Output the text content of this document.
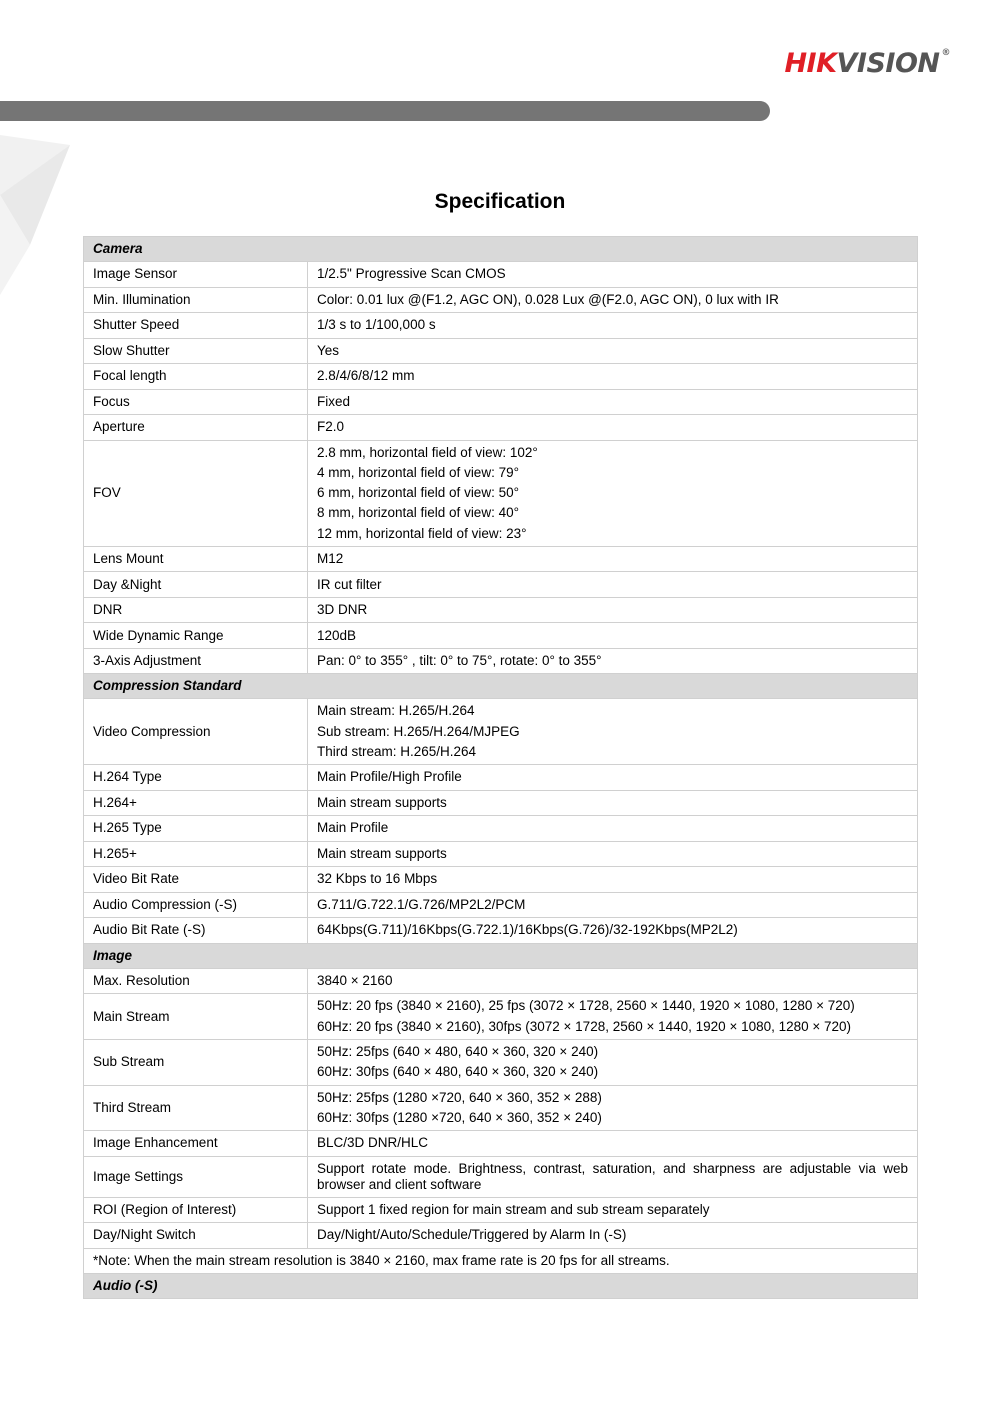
HIKVISION ®
Specification
Camera	
Image Sensor	1/2.5" Progressive Scan CMOS
Min. Illumination	Color: 0.01 lux @(F1.2, AGC ON), 0.028 Lux @(F2.0, AGC ON), 0 lux with IR
Shutter Speed	1/3 s to 1/100,000 s
Slow Shutter	Yes
Focal length	2.8/4/6/8/12 mm
Focus	Fixed
Aperture	F2.0
FOV	2.8 mm, horizontal field of view: 102°
4 mm, horizontal field of view: 79°
6 mm, horizontal field of view: 50°
8 mm, horizontal field of view: 40°
12 mm, horizontal field of view: 23°

Lens Mount	M12
Day &Night	IR cut filter
DNR	3D DNR
Wide Dynamic Range	120dB
3-Axis Adjustment	Pan: 0° to 355° , tilt: 0° to 75°, rotate: 0° to 355°
Compression Standard	
Video Compression	Main stream: H.265/H.264
Sub stream: H.265/H.264/MJPEG
Third stream: H.265/H.264

H.264 Type	Main Profile/High Profile
H.264+	Main stream supports
H.265 Type	Main Profile
H.265+	Main stream supports
Video Bit Rate	32 Kbps to 16 Mbps
Audio Compression (-S)	G.711/G.722.1/G.726/MP2L2/PCM
Audio Bit Rate (-S)	64Kbps(G.711)/16Kbps(G.722.1)/16Kbps(G.726)/32-192Kbps(MP2L2)
Image	
Max. Resolution	3840 × 2160
Main Stream	50Hz: 20 fps (3840 × 2160), 25 fps (3072 × 1728, 2560 × 1440, 1920 × 1080, 1280 × 720)
60Hz: 20 fps (3840 × 2160), 30fps (3072 × 1728, 2560 × 1440, 1920 × 1080, 1280 × 720)

Sub Stream	50Hz: 25fps (640 × 480, 640 × 360, 320 × 240)
60Hz: 30fps (640 × 480, 640 × 360, 320 × 240)

Third Stream	50Hz: 25fps (1280 ×720, 640 × 360, 352 × 288)
60Hz: 30fps (1280 ×720, 640 × 360, 352 × 240)

Image Enhancement	BLC/3D DNR/HLC
Image Settings	Support rotate mode. Brightness, contrast, saturation, and sharpness are adjustable via web browser and client software
ROI (Region of Interest)	Support 1 fixed region for main stream and sub stream separately
Day/Night Switch	Day/Night/Auto/Schedule/Triggered by Alarm In (-S)
*Note: When the main stream resolution is 3840 × 2160, max frame rate is 20 fps for all streams.	
Audio (-S)	
